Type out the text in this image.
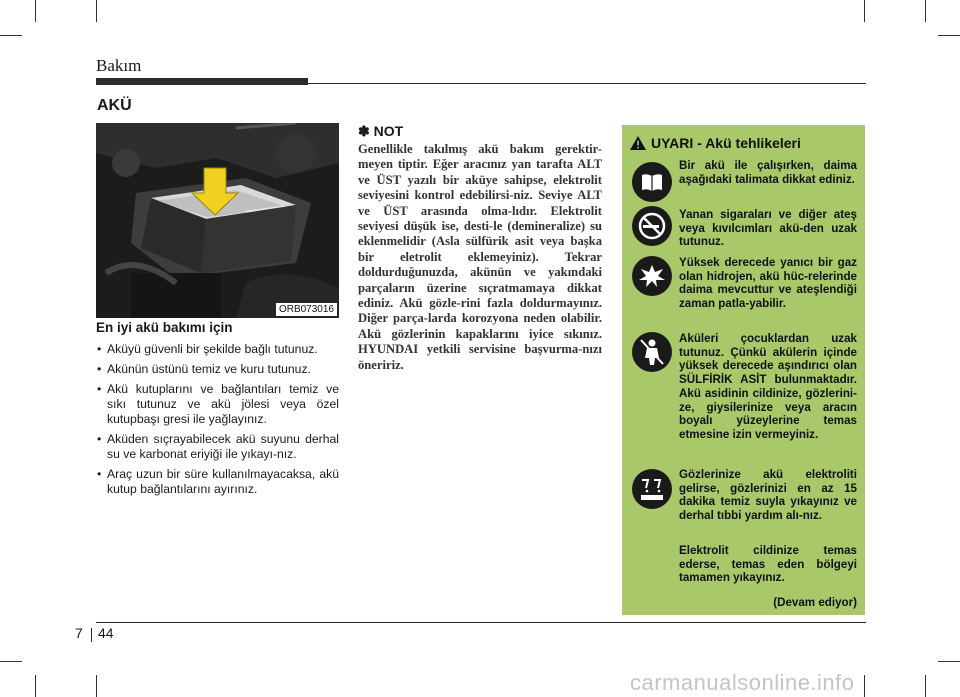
Bakım
AKÜ
ORB073016
En iyi akü bakımı için
• Aküyü güvenli bir şekilde bağlı tutunuz.
• Akünün üstünü temiz ve kuru tutunuz.
• Akü kutuplarını ve bağlantıları temiz ve sıkı tutunuz ve akü jölesi veya özel kutupbaşı gresi ile yağlayınız.
• Aküden sıçrayabilecek akü suyunu derhal su ve karbonat eriyiği ile yıkayı-nız.
• Araç uzun bir süre kullanılmayacaksa, akü kutup bağlantılarını ayırınız.
✽ NOT

Genellikle takılmış akü bakım gerektir-meyen tiptir. Eğer aracınız yan tarafta ALT ve ÜST yazılı bir aküye sahipse, elektrolit seviyesini kontrol edebilirsi-niz. Seviye ALT ve ÜST arasında olma-lıdır. Elektrolit seviyesi düşük ise, desti-le (demineralize) su eklenmelidir (Asla sülfürik asit veya başka bir eletrolit eklemeyiniz). Tekrar doldurduğunuzda, akünün ve yakındaki parçaların üzerine sıçratmamaya dikkat ediniz. Akü gözle-rini fazla doldurmayınız. Diğer parça-larda korozyona neden olabilir. Akü gözlerinin kapaklarını iyice sıkınız. HYUNDAI yetkili servisine başvurma-nızı öneririz.

UYARI - Akü tehlikeleri

Bir akü ile çalışırken, daima aşağıdaki talimata dikkat ediniz.

Yanan sigaraları ve diğer ateş veya kıvılcımları akü-den uzak tutunuz.

Yüksek derecede yanıcı bir gaz olan hidrojen, akü hüc-relerinde daima mevcuttur ve ateşlendiği zaman patla-yabilir.

Aküleri çocuklardan uzak tutunuz. Çünkü akülerin içinde yüksek derecede aşındırıcı olan SÜLFİRİK ASİT bulunmaktadır. Akü asidinin cildinize, gözlerini-ze, giysilerinize veya aracın boyalı yüzeylerine temas etmesine izin vermeyiniz.

Gözlerinize akü elektroliti gelirse, gözlerinizi en az 15 dakika temiz suyla yıkayınız ve derhal tıbbi yardım alı-nız.

Elektrolit cildinize temas ederse, temas eden bölgeyi tamamen yıkayınız.

(Devam ediyor)
7 44
carmanualsonline.info
